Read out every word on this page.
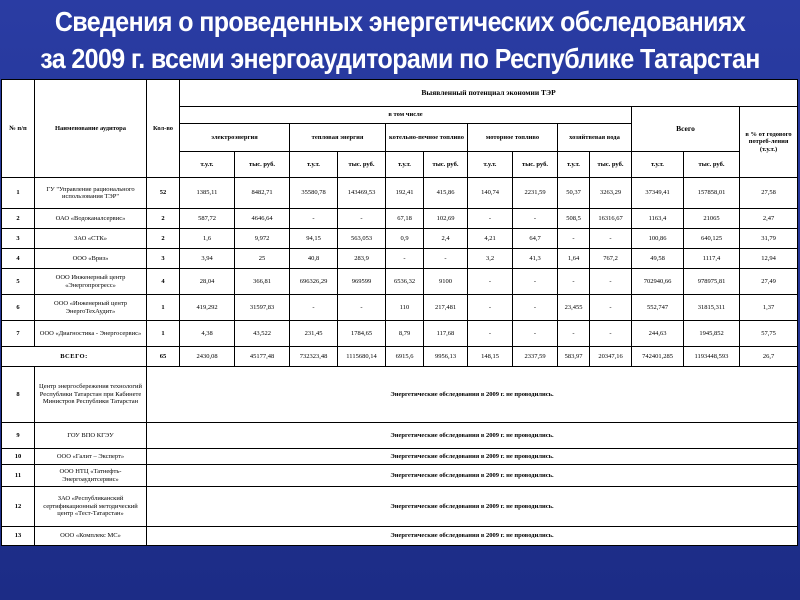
Сведения о проведенных энергетических обследованиях
за 2009 г. всеми энергоаудиторами по Республике Татарстан
№ п/п	Наименование аудитора	Кол-во	Выявленный потенциал экономии ТЭР												
			в том числе										Всего		в % от годового потреб-ления (т.у.т.)
			электроэнергия		тепловая энергия		котельно-печное топливо		моторное топливо		хозяйтвевая вода				
			т.у.т.	тыс. руб.	т.у.т.	тыс. руб.	т.у.т.	тыс. руб.	т.у.т.	тыс. руб.	т.у.т.	тыс. руб.	т.у.т.	тыс. руб.	
1	ГУ "Управление рационального использования ТЭР"	52	1385,11	8482,71	35580,78	143469,53	192,41	415,86	140,74	2231,59	50,37	3263,29	37349,41	157858,01	27,58
2	ОАО «Водоканалсервис»	2	587,72	4646,64	-	-	67,18	102,69	-	-	508,5	16316,67	1163,4	21065	2,47
3	ЗАО «СТК»	2	1,6	9,972	94,15	563,053	0,9	2,4	4,21	64,7	-	-	100,86	640,125	31,79
4	ООО «Вриз»	3	3,94	25	40,8	283,9	-	-	3,2	41,3	1,64	767,2	49,58	1117,4	12,94
5	ООО Инженерный центр «Энергопрогресс»	4	28,04	366,81	696326,29	969599	6536,32	9100	-	-	-	-	702940,66	978975,81	27,49
6	ООО «Инженерный центр ЭнергоТехАудит»	1	419,292	31597,83	-	-	110	217,481	-	-	23,455	-	552,747	31815,311	1,37
7	ООО «Диагностика - Энергосервис»	1	4,38	43,522	231,45	1784,65	8,79	117,68	-	-	-	-	244,63	1945,852	57,75
ВСЕГО:		65	2430,08	45177,48	732323,48	1115680,14	6915,6	9956,13	148,15	2337,59	583,97	20347,16	742401,285	1193448,593	26,7
8	Центр энергосбережения технологий Республики Татарстан при Кабинете Министров Республики Татарстан	Энергетические обследования в 2009 г. не проводились.													
9	ГОУ ВПО КГЭУ	Энергетические обследования в 2009 г. не проводились.													
10	ООО «Галит – Эксперт»	Энергетические обследования в 2009 г. не проводились.													
11	ООО НТЦ «Татнефть-Энергоаудитсервис»	Энергетические обследования в 2009 г. не проводились.													
12	ЗАО «Республиканский сертификационный методический центр «Тест-Татарстан»	Энергетические обследования в 2009 г. не проводились.													
13	ООО «Комплекс МС»	Энергетические обследования в 2009 г. не проводились.													
